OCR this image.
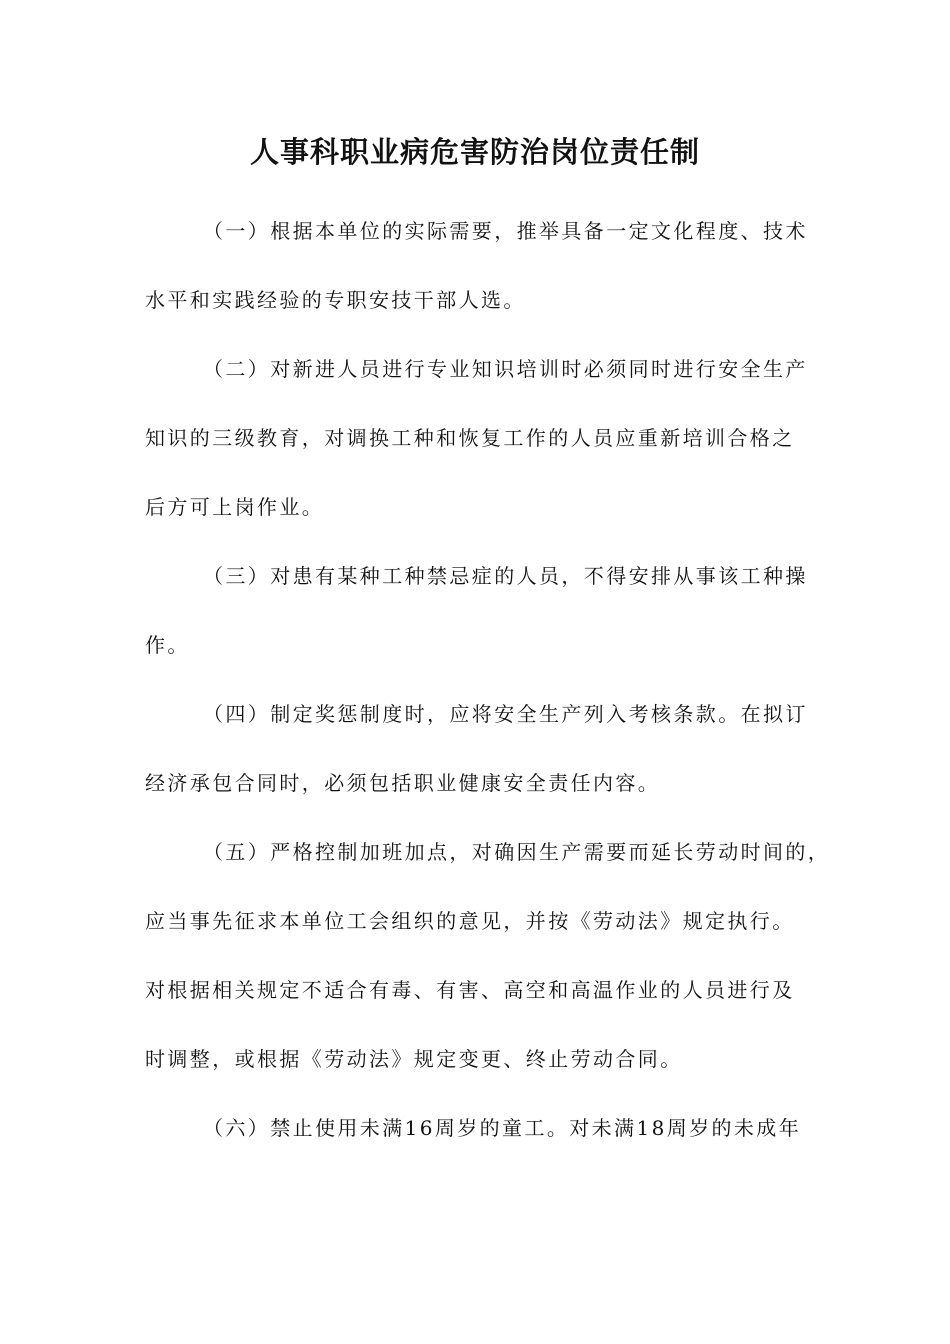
人事科职业病危害防治岗位责任制
（一）根据本单位的实际需要，推举具备一定文化程度、技术
水平和实践经验的专职安技干部人选。
（二）对新进人员进行专业知识培训时必须同时进行安全生产
知识的三级教育，对调换工种和恢复工作的人员应重新培训合格之
后方可上岗作业。
（三）对患有某种工种禁忌症的人员，不得安排从事该工种操
作。
（四）制定奖惩制度时，应将安全生产列入考核条款。在拟订
经济承包合同时，必须包括职业健康安全责任内容。
（五）严格控制加班加点，对确因生产需要而延长劳动时间的，
应当事先征求本单位工会组织的意见，并按《劳动法》规定执行。
对根据相关规定不适合有毒、有害、高空和高温作业的人员进行及
时调整，或根据《劳动法》规定变更、终止劳动合同。
（六）禁止使用未满16周岁的童工。对未满18周岁的未成年
